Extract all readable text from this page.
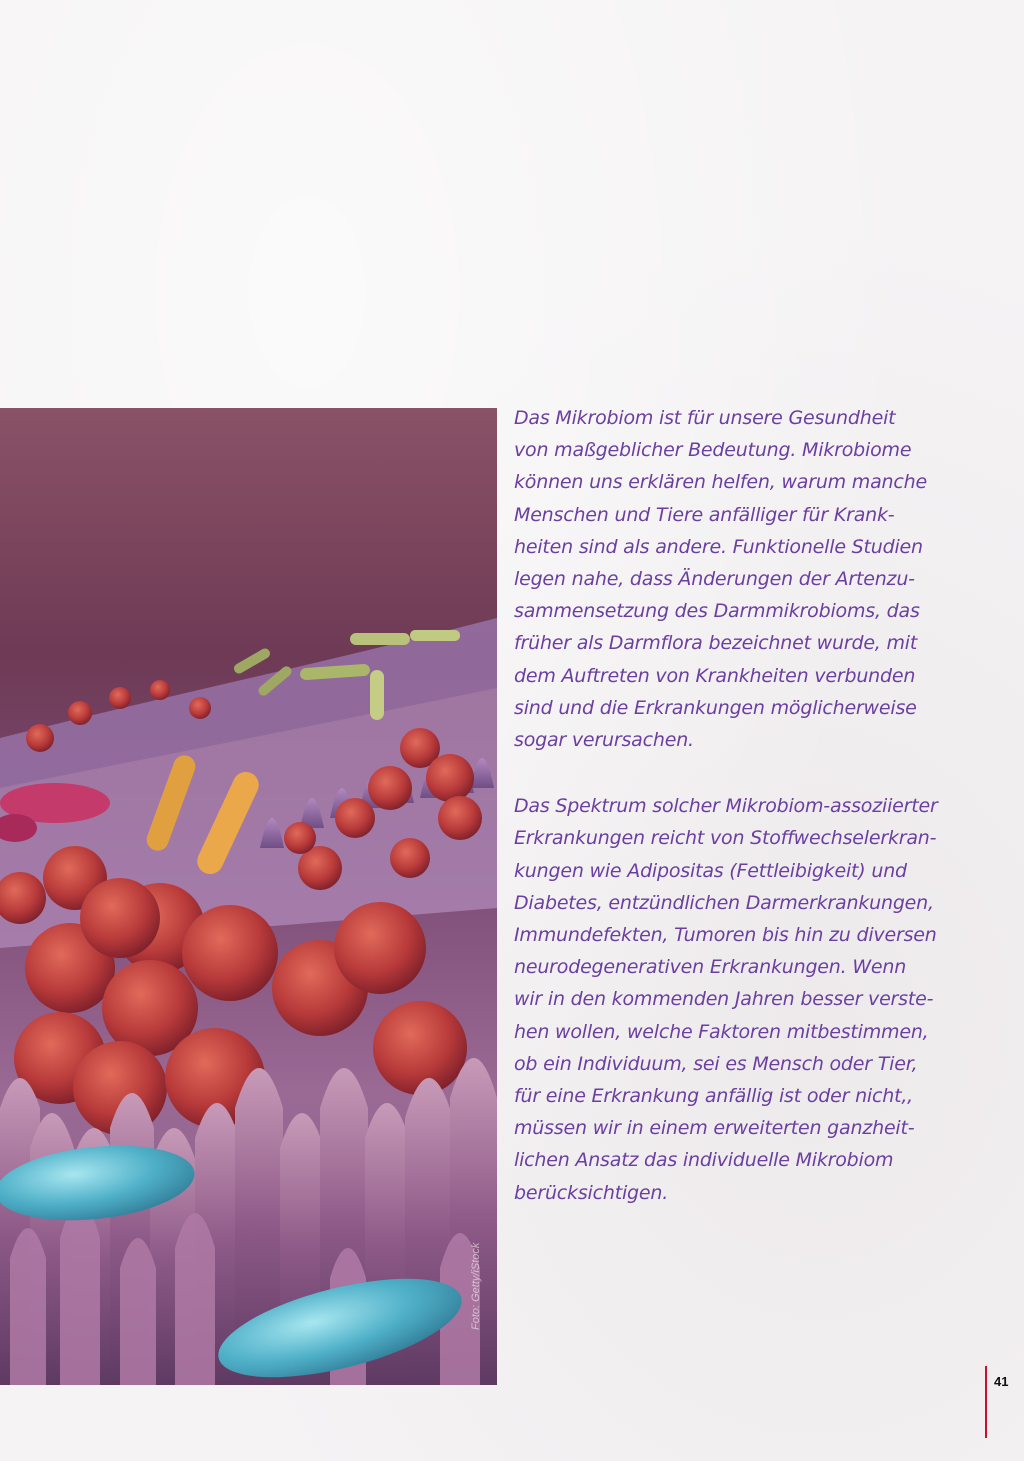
Foto: Getty/iStock
Das Mikrobiom ist für unsere Gesundheit
von maßgeblicher Bedeutung. Mikrobiome
können uns erklären helfen, warum manche
Menschen und Tiere anfälliger für Krank-
heiten sind als andere. Funktionelle Studien
legen nahe, dass Änderungen der Artenzu-
sammensetzung des Darmmikrobioms, das
früher als Darmflora bezeichnet wurde, mit
dem Auftreten von Krankheiten verbunden
sind und die Erkrankungen möglicherweise
sogar verursachen.
Das Spektrum solcher Mikrobiom-assoziierter
Erkrankungen reicht von Stoffwechselerkran-
kungen wie Adipositas (Fettleibigkeit) und
Diabetes, entzündlichen Darmerkrankungen,
Immundefekten, Tumoren bis hin zu diversen
neurodegenerativen Erkrankungen. Wenn
wir in den kommenden Jahren besser verste-
hen wollen, welche Faktoren mitbestimmen,
ob ein Individuum, sei es Mensch oder Tier,
für eine Erkrankung anfällig ist oder nicht,,
müssen wir in einem erweiterten ganzheit-
lichen Ansatz das individuelle Mikrobiom
berücksichtigen.
41
